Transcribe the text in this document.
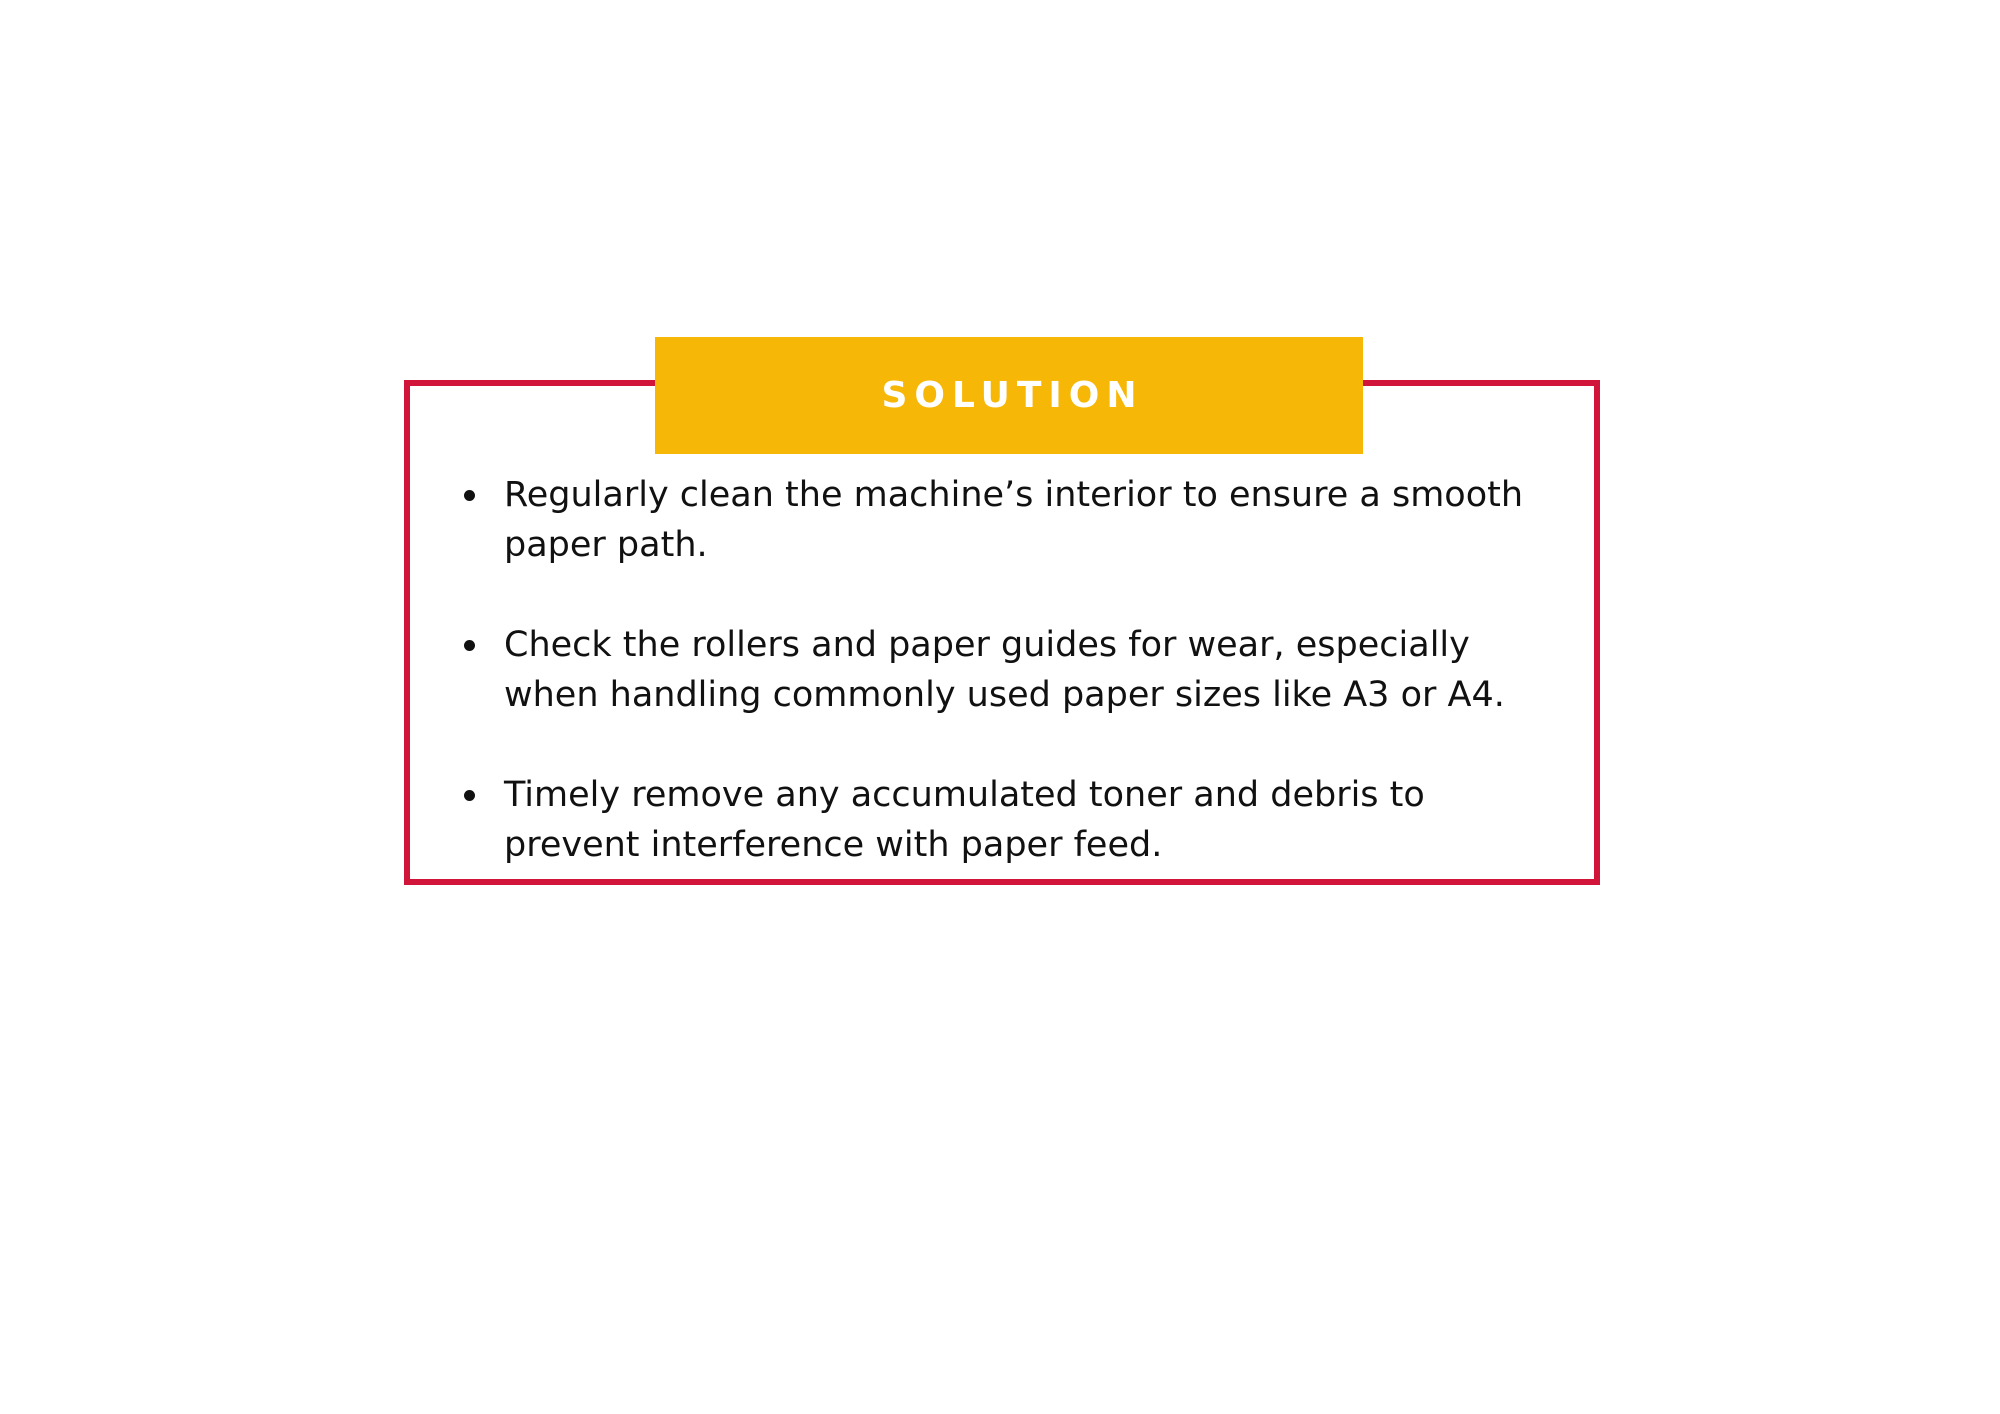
SOLUTION
Regularly clean the machine’s interior to ensure a smooth paper path.
Check the rollers and paper guides for wear, especially when handling commonly used paper sizes like A3 or A4.
Timely remove any accumulated toner and debris to prevent interference with paper feed.
